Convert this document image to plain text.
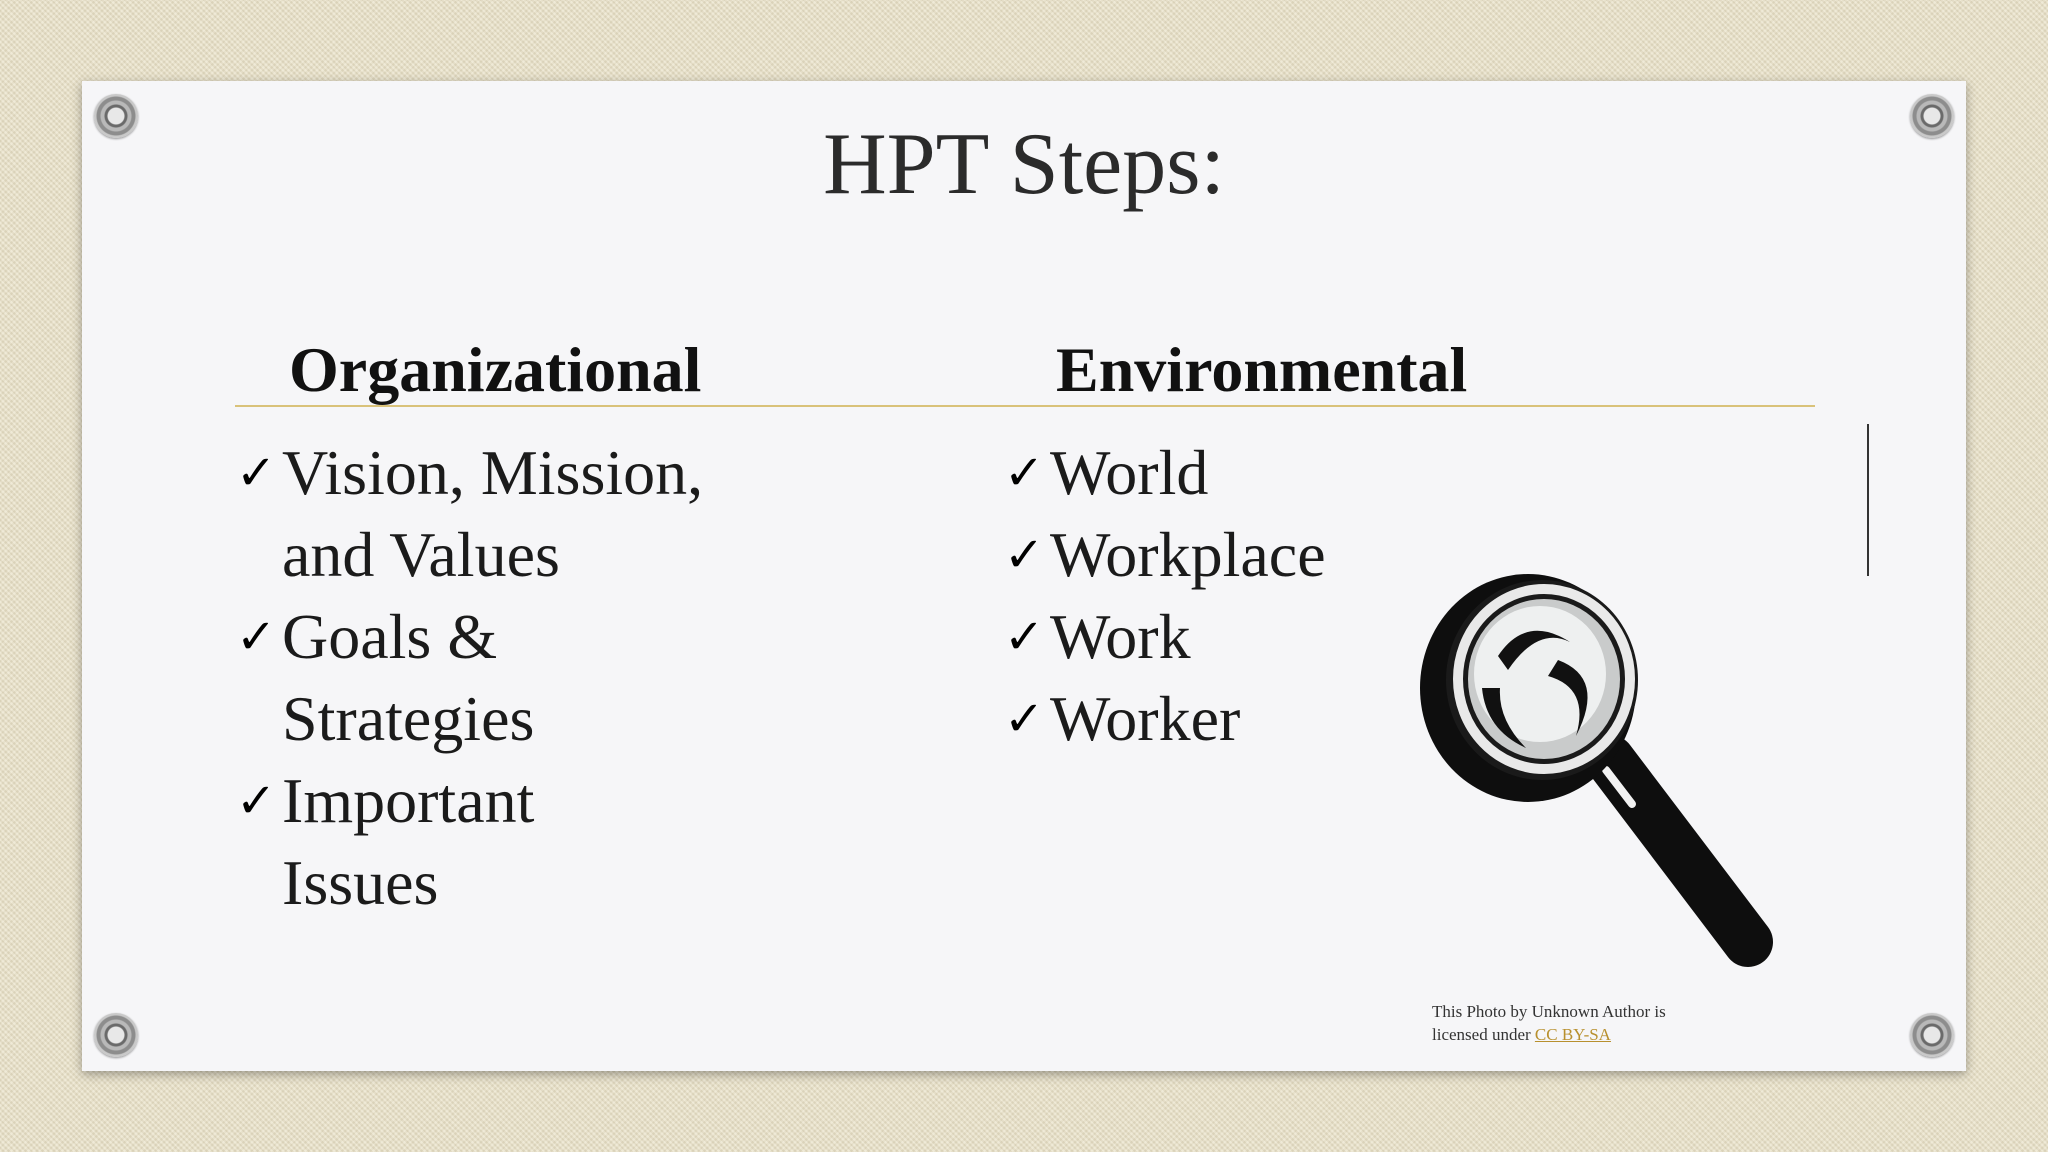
HPT Steps:
Organizational	Environmental
✓ Vision, Mission,
and Values
✓ Goals &
Strategies
✓ Important
Issues
✓ World
✓ Workplace
✓ Work
✓ Worker
This Photo by Unknown Author is
licensed under CC BY-SA
